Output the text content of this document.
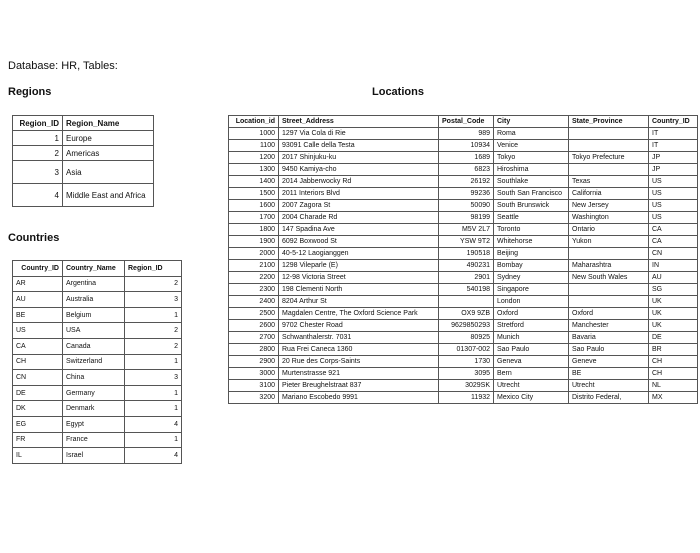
Database: HR, Tables:
Regions	Locations
Countries
Region_ID	Region_Name
1	Europe
2	Americas
3	Asia
4	Middle East and Africa
Country_ID	Country_Name	Region_ID
AR	Argentina	2
AU	Australia	3
BE	Belgium	1
US	USA	2
CA	Canada	2
CH	Switzerland	1
CN	China	3
DE	Germany	1
DK	Denmark	1
EG	Egypt	4
FR	France	1
IL	Israel	4
Location_id	Street_Address	Postal_Code	City	State_Province	Country_ID
1000	1297 Via Cola di Rie	989	Roma		IT
1100	93091 Calle della Testa	10934	Venice		IT
1200	2017 Shinjuku-ku	1689	Tokyo	Tokyo Prefecture	JP
1300	9450 Kamiya-cho	6823	Hiroshima		JP
1400	2014 Jabberwocky Rd	26192	Southlake	Texas	US
1500	2011 Interiors Blvd	99236	South San Francisco	California	US
1600	2007 Zagora St	50090	South Brunswick	New Jersey	US
1700	2004 Charade Rd	98199	Seattle	Washington	US
1800	147 Spadina Ave	M5V 2L7	Toronto	Ontario	CA
1900	6092 Boxwood St	YSW 9T2	Whitehorse	Yukon	CA
2000	40-5-12 Laogianggen	190518	Beijing		CN
2100	1298 Vileparle (E)	490231	Bombay	Maharashtra	IN
2200	12-98 Victoria Street	2901	Sydney	New South Wales	AU
2300	198 Clementi North	540198	Singapore		SG
2400	8204 Arthur St		London		UK
2500	Magdalen Centre, The Oxford Science Park	OX9 9ZB	Oxford	Oxford	UK
2600	9702 Chester Road	9629850293	Stretford	Manchester	UK
2700	Schwanthalerstr. 7031	80925	Munich	Bavaria	DE
2800	Rua Frei Caneca 1360	01307-002	Sao Paulo	Sao Paulo	BR
2900	20 Rue des Corps-Saints	1730	Geneva	Geneve	CH
3000	Murtenstrasse 921	3095	Bern	BE	CH
3100	Pieter Breughelstraat 837	3029SK	Utrecht	Utrecht	NL
3200	Mariano Escobedo 9991	11932	Mexico City	Distrito Federal,	MX
